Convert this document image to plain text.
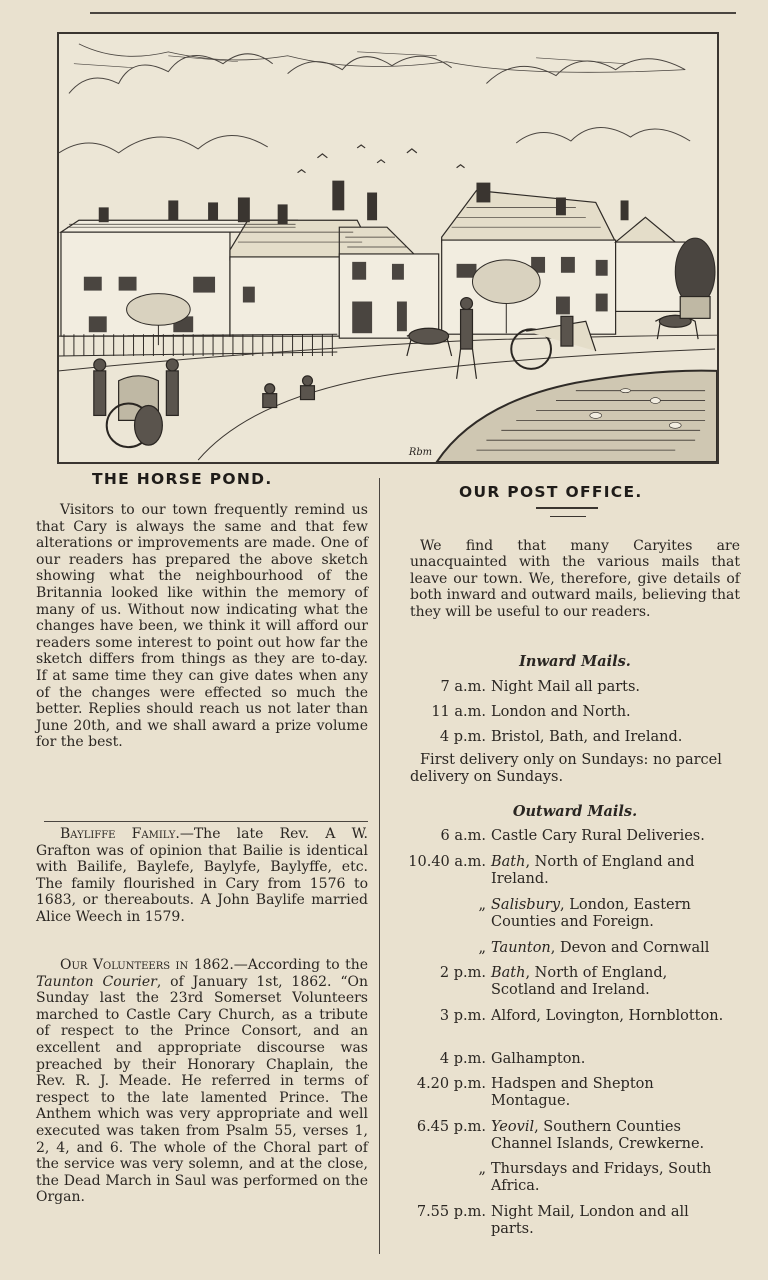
Rbm
THE HORSE POND.
OUR POST OFFICE.

Visitors to our town frequently remind us that Cary is always the same and that few alterations or improvements are made. One of our readers has prepared the above sketch showing what the neighbourhood of the Britannia looked like within the memory of many of us. Without now indicating what the changes have been, we think it will afford our readers some interest to point out how far the sketch differs from things as they are to-day. If at same time they can give dates when any of the changes were effected so much the better. Replies should reach us not later than June 20th, and we shall award a prize volume for the best.

Bayliffe Family.—The late Rev. A W. Grafton was of opinion that Bailie is identical with Bailife, Baylefe, Baylyfe, Baylyffe, etc. The family flourished in Cary from 1576 to 1683, or thereabouts. A John Baylife married Alice Weech in 1579.

Our Volunteers in 1862.—According to the Taunton Courier, of January 1st, 1862. “On Sunday last the 23rd Somerset Volunteers marched to Castle Cary Church, as a tribute of respect to the Prince Consort, and an excellent and appropriate discourse was preached by their Honorary Chaplain, the Rev. R. J. Meade. He referred in terms of respect to the late lamented Prince. The Anthem which was very appropriate and well executed was taken from Psalm 55, verses 1, 2, 4, and 6. The whole of the Choral part of the service was very solemn, and at the close, the Dead March in Saul was performed on the Organ.

We find that many Caryites are unacquainted with the various mails that leave our town. We, therefore, give details of both inward and outward mails, believing that they will be useful to our readers.

Inward Mails.
7 a.m. Night Mail all parts.
11 a.m. London and North.
4 p.m. Bristol, Bath, and Ireland.

First delivery only on Sundays: no parcel delivery on Sundays.

Outward Mails.
6 a.m. Castle Cary Rural Deliveries.
10.40 a.m. Bath, North of England and Ireland.
„ Salisbury, London, Eastern Counties and Foreign.
„ Taunton, Devon and Cornwall
2 p.m. Bath, North of England, Scotland and Ireland.
3 p.m. Alford, Lovington, Hornblotton.
4 p.m. Galhampton.
4.20 p.m. Hadspen and Shepton Montague.
6.45 p.m. Yeovil, Southern Counties Channel Islands, Crewkerne.
„ Thursdays and Fridays, South Africa.
7.55 p.m. Night Mail, London and all parts.
